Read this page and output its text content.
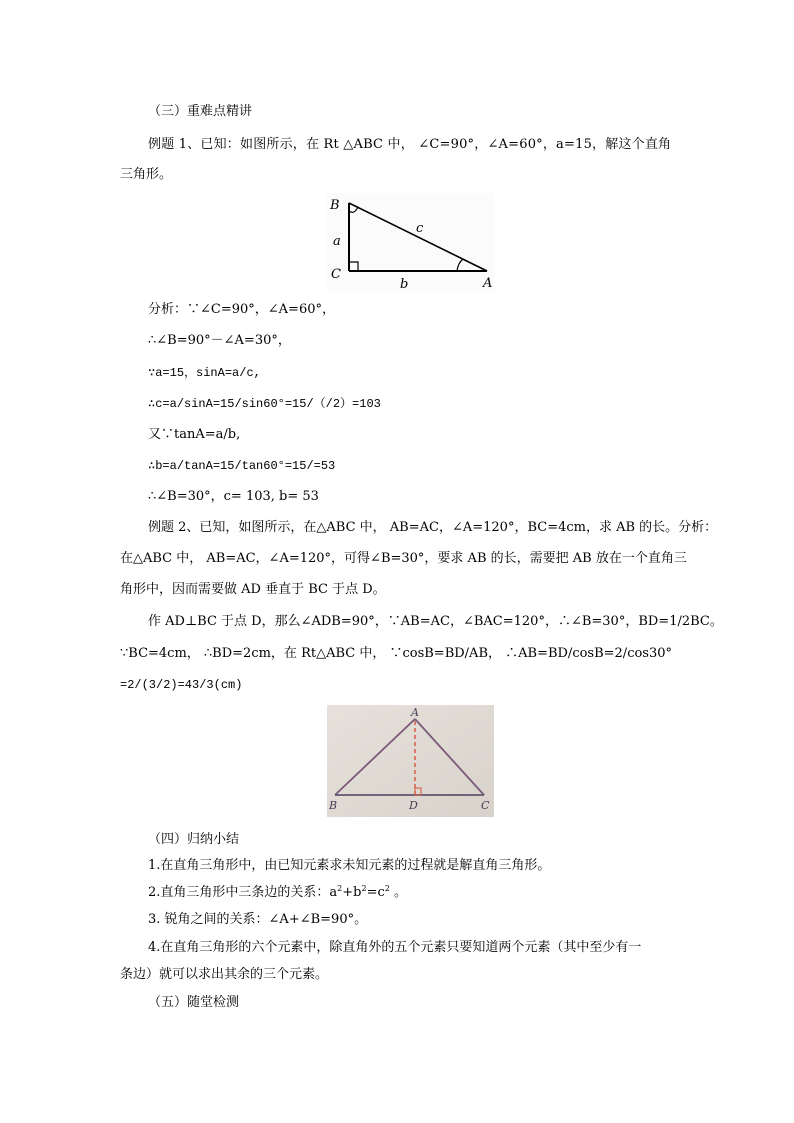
（三）重难点精讲
例题 1、已知：如图所示，在 Rt △ABC 中， ∠C=90°，∠A=60°，a=15，解这个直角
三角形。
B
a
c
C
b	A
分析：∵∠C=90°，∠A=60°，
∴∠B=90°－∠A=30°，
∵a=15，sinA=a/c,
∴c=a/sinA=15/sin60°=15/（/2）=103
又∵tanA=a/b,
∴b=a/tanA=15/tan60°=15/=53
∴∠B=30°，c= 103, b= 53
例题 2、已知，如图所示，在△ABC 中， AB=AC，∠A=120°，BC=4cm，求 AB 的长。分析：
在△ABC 中， AB=AC，∠A=120°，可得∠B=30°，要求 AB 的长，需要把 AB 放在一个直角三
角形中，因而需要做 AD 垂直于 BC 于点 D。
作 AD⊥BC 于点 D，那么∠ADB=90°，∵AB=AC，∠BAC=120°，∴∠B=30°，BD=1/2BC。
∵BC=4cm， ∴BD=2cm，在 Rt△ABC 中， ∵cosB=BD/AB， ∴AB=BD/cosB=2/cos30°
=2/(3/2)=43/3(cm)
A
B	D	C
（四）归纳小结
1.在直角三角形中，由已知元素求未知元素的过程就是解直角三角形。
2.直角三角形中三条边的关系：$a^2+b^2=c^2$ 。
3. 锐角之间的关系：∠A+∠B=90°。
4.在直角三角形的六个元素中，除直角外的五个元素只要知道两个元素（其中至少有一
条边）就可以求出其余的三个元素。
（五）随堂检测
